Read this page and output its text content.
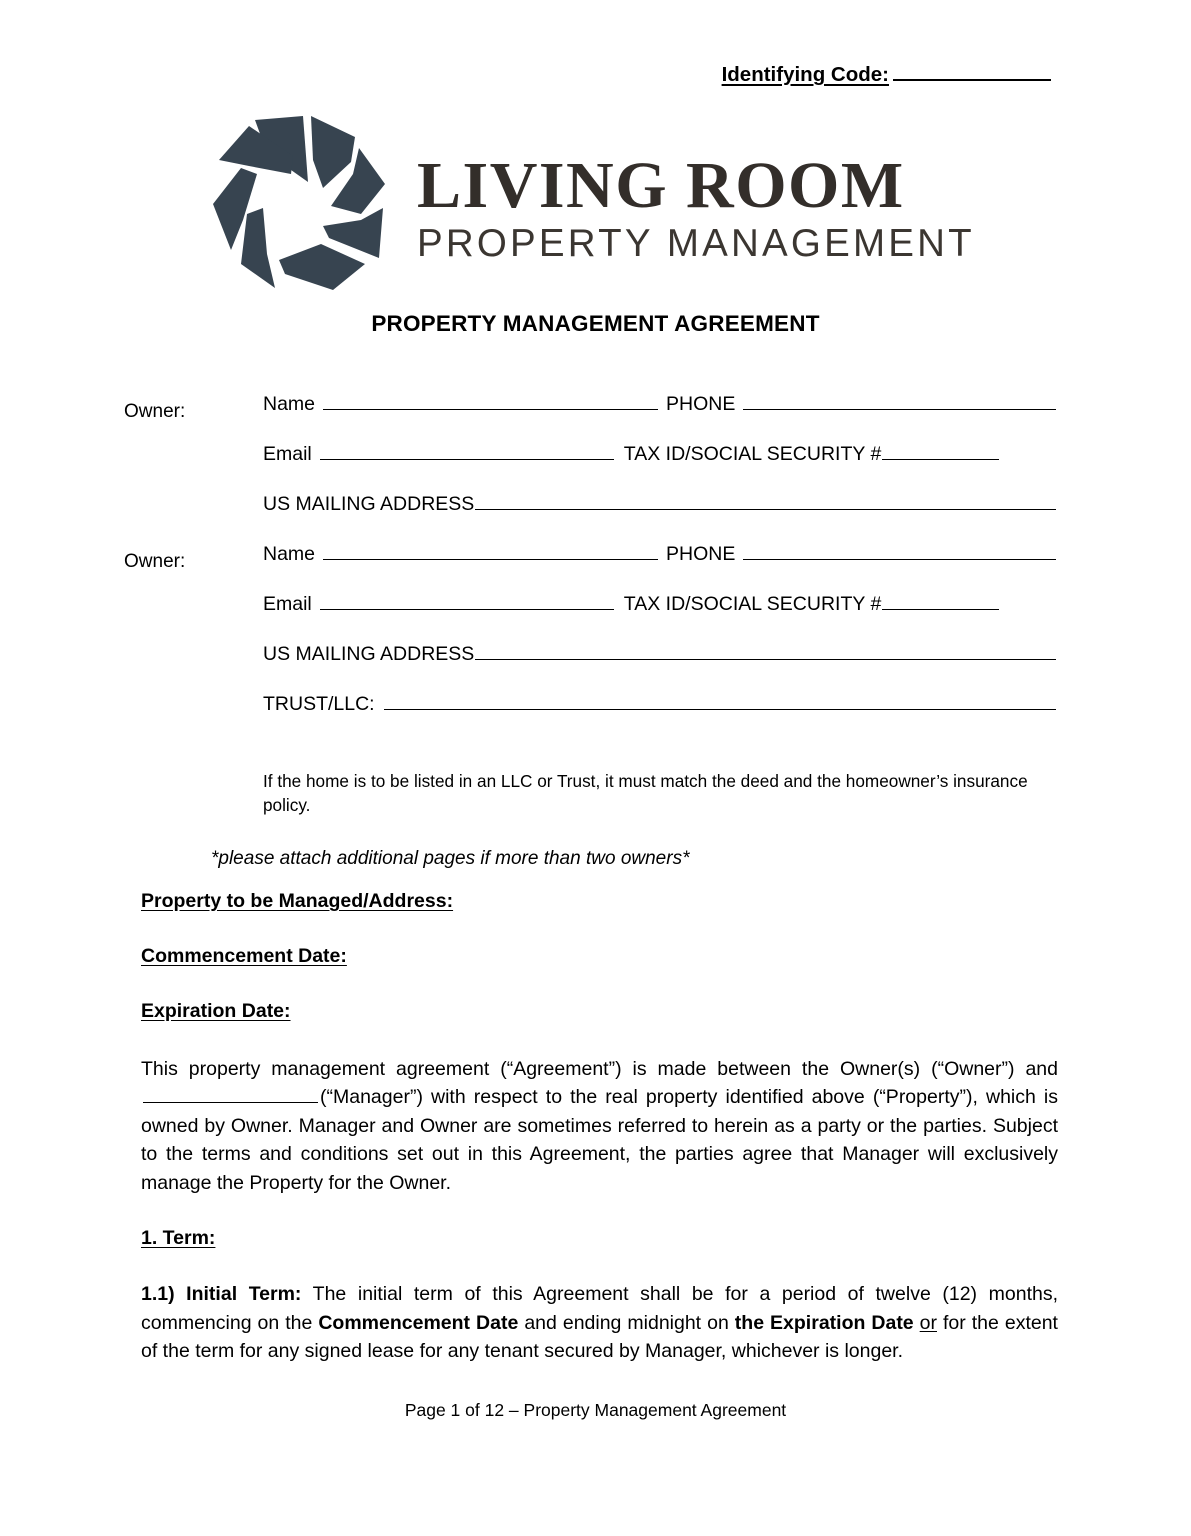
Identifying Code:
LIVING ROOM
PROPERTY MANAGEMENT
PROPERTY MANAGEMENT AGREEMENT
Owner:	Name	PHONE
Email	TAX ID/SOCIAL SECURITY #
US MAILING ADDRESS
Owner:	Name	PHONE
Email	TAX ID/SOCIAL SECURITY #
US MAILING ADDRESS
TRUST/LLC:
If the home is to be listed in an LLC or Trust, it must match the deed and the homeowner’s insurance policy.
*please attach additional pages if more than two owners*
Property to be Managed/Address:
Commencement Date:
Expiration Date:
This property management agreement (“Agreement”) is made between the Owner(s) (“Owner”) and(“Manager”) with respect to the real property identified above (“Property”), which is owned by Owner. Manager and Owner are sometimes referred to herein as a party or the parties. Subject to the terms and conditions set out in this Agreement, the parties agree that Manager will exclusively manage the Property for the Owner.
1. Term:
1.1) Initial Term: The initial term of this Agreement shall be for a period of twelve (12) months, commencing on the Commencement Date and ending midnight on the Expiration Date or for the extent of the term for any signed lease for any tenant secured by Manager, whichever is longer.
Page 1 of 12 – Property Management Agreement
